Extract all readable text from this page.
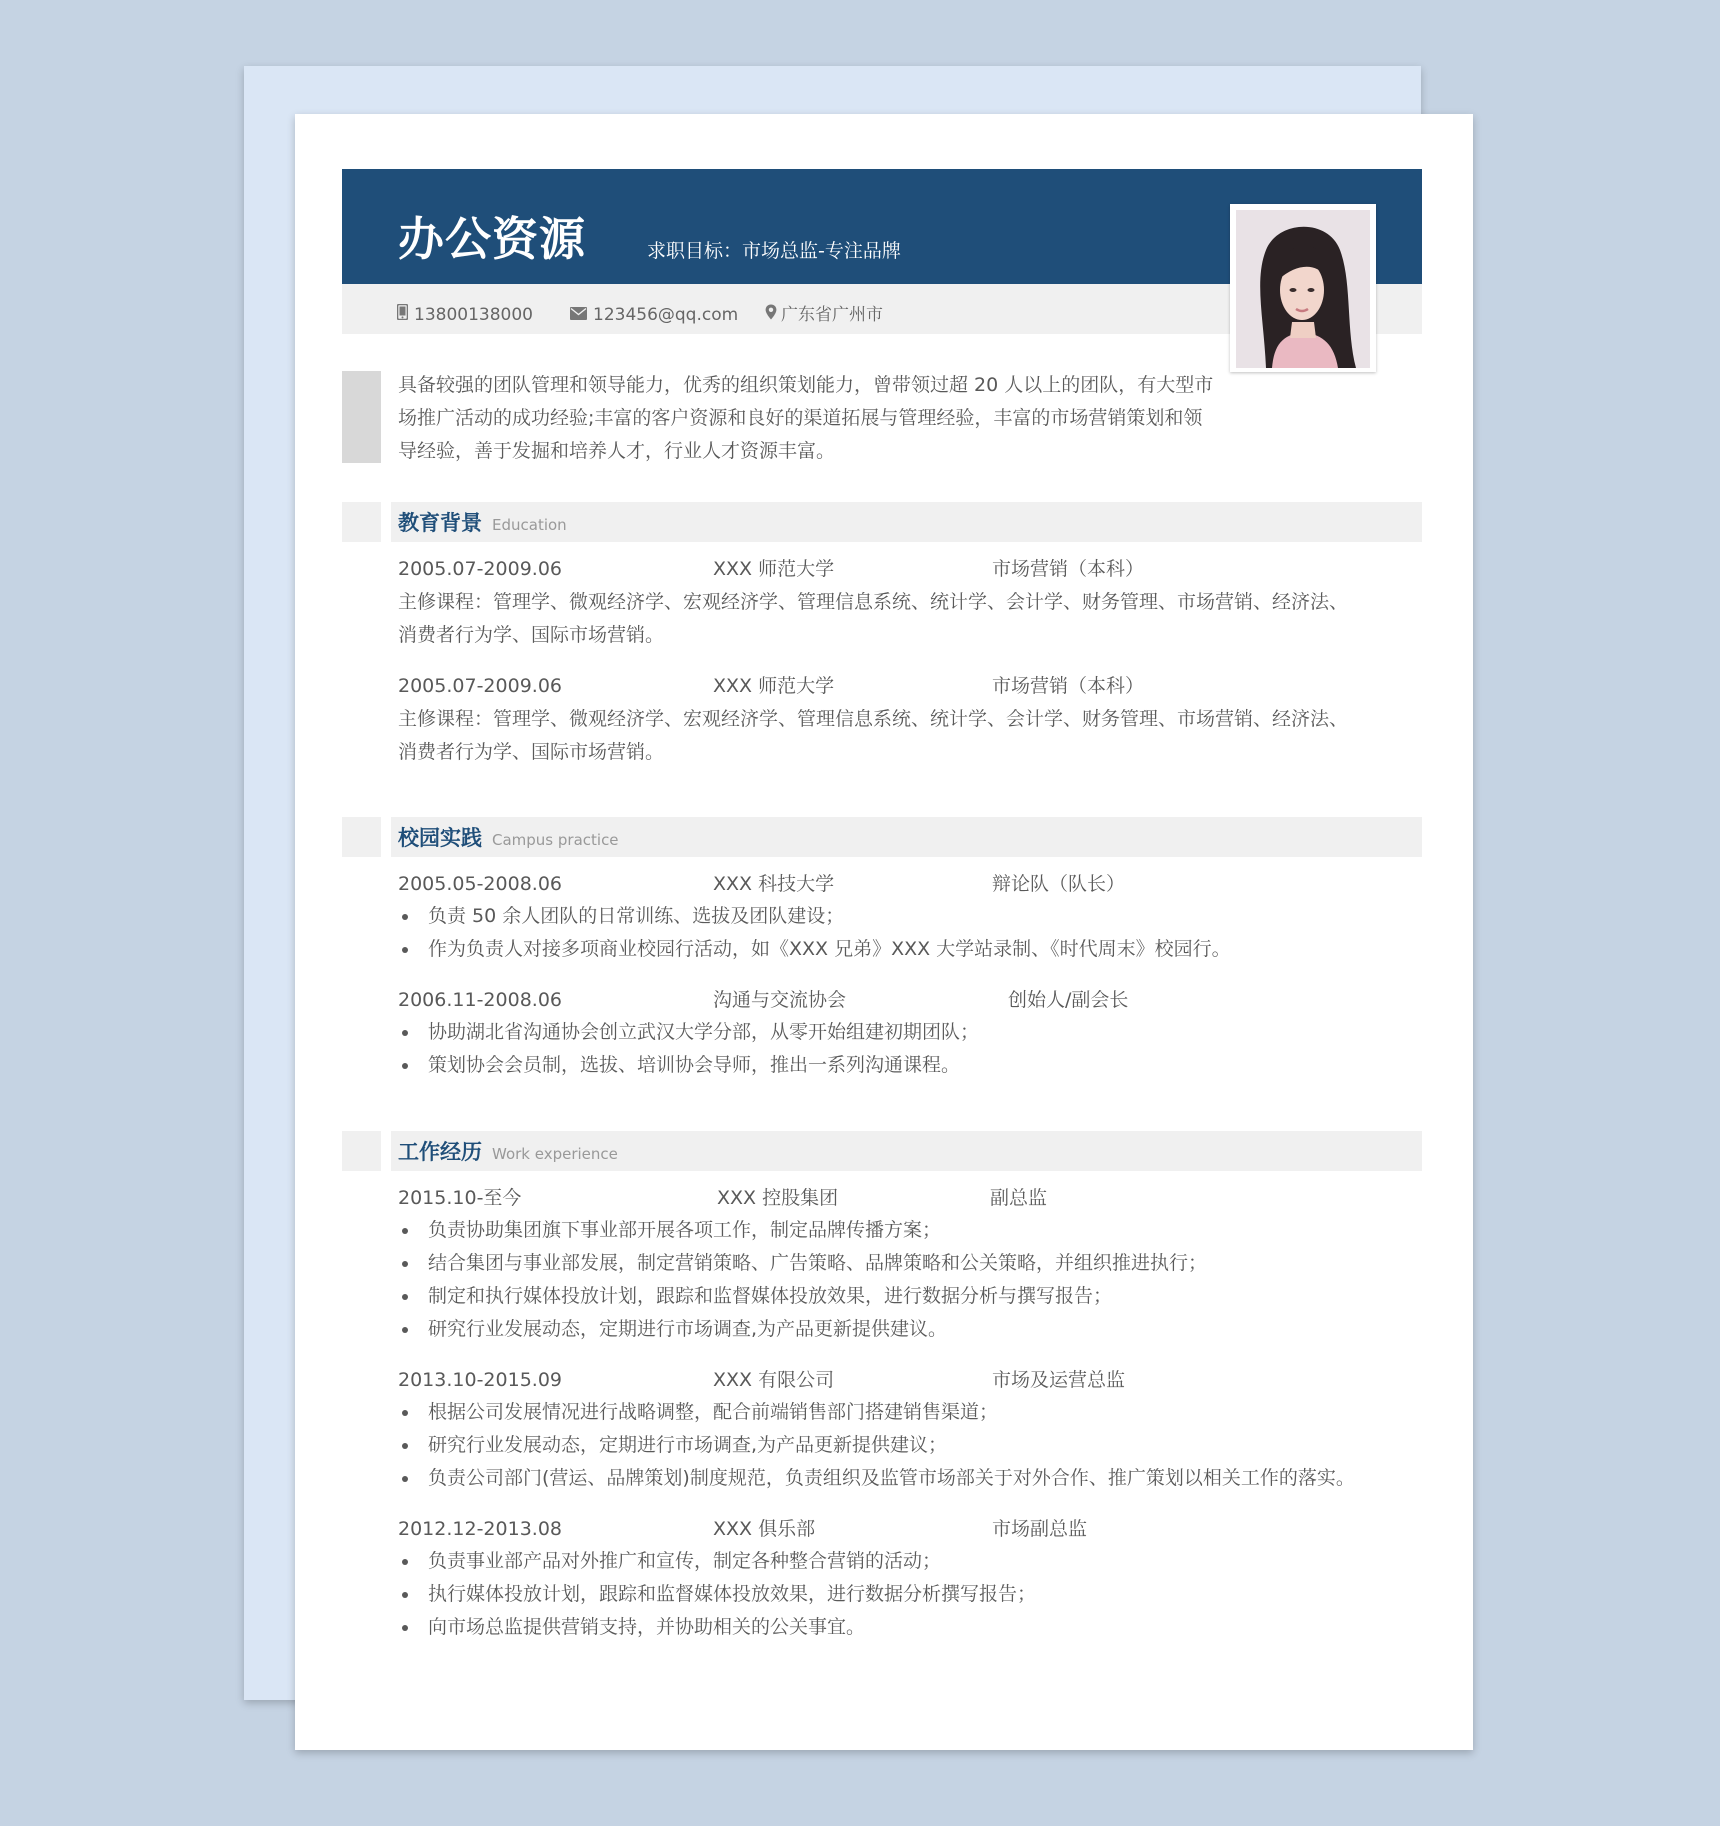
办公资源	求职目标：市场总监-专注品牌
13800138000	123456@qq.com	广东省广州市
具备较强的团队管理和领导能力，优秀的组织策划能力，曾带领过超 20 人以上的团队，有大型市场推广活动的成功经验;丰富的客户资源和良好的渠道拓展与管理经验，丰富的市场营销策划和领导经验，善于发掘和培养人才，行业人才资源丰富。
教育背景 Education
2005.07-2009.06	XXX 师范大学	市场营销（本科）
主修课程：管理学、微观经济学、宏观经济学、管理信息系统、统计学、会计学、财务管理、市场营销、经济法、消费者行为学、国际市场营销。
2005.07-2009.06	XXX 师范大学	市场营销（本科）
主修课程：管理学、微观经济学、宏观经济学、管理信息系统、统计学、会计学、财务管理、市场营销、经济法、消费者行为学、国际市场营销。
校园实践 Campus practice
2005.05-2008.06	XXX 科技大学	辩论队（队长）
负责 50 余人团队的日常训练、选拔及团队建设；
作为负责人对接多项商业校园行活动，如《XXX 兄弟》XXX 大学站录制、《时代周末》校园行。
2006.11-2008.06	沟通与交流协会	创始人/副会长
协助湖北省沟通协会创立武汉大学分部，从零开始组建初期团队；
策划协会会员制，选拔、培训协会导师，推出一系列沟通课程。
工作经历 Work experience
2015.10-至今	XXX 控股集团	副总监
负责协助集团旗下事业部开展各项工作，制定品牌传播方案；
结合集团与事业部发展，制定营销策略、广告策略、品牌策略和公关策略，并组织推进执行；
制定和执行媒体投放计划，跟踪和监督媒体投放效果，进行数据分析与撰写报告；
研究行业发展动态，定期进行市场调查,为产品更新提供建议。
2013.10-2015.09	XXX 有限公司	市场及运营总监
根据公司发展情况进行战略调整，配合前端销售部门搭建销售渠道；
研究行业发展动态，定期进行市场调查,为产品更新提供建议；
负责公司部门(营运、品牌策划)制度规范，负责组织及监管市场部关于对外合作、推广策划以相关工作的落实。
2012.12-2013.08	XXX 俱乐部	市场副总监
负责事业部产品对外推广和宣传，制定各种整合营销的活动；
执行媒体投放计划，跟踪和监督媒体投放效果，进行数据分析撰写报告；
向市场总监提供营销支持，并协助相关的公关事宜。
